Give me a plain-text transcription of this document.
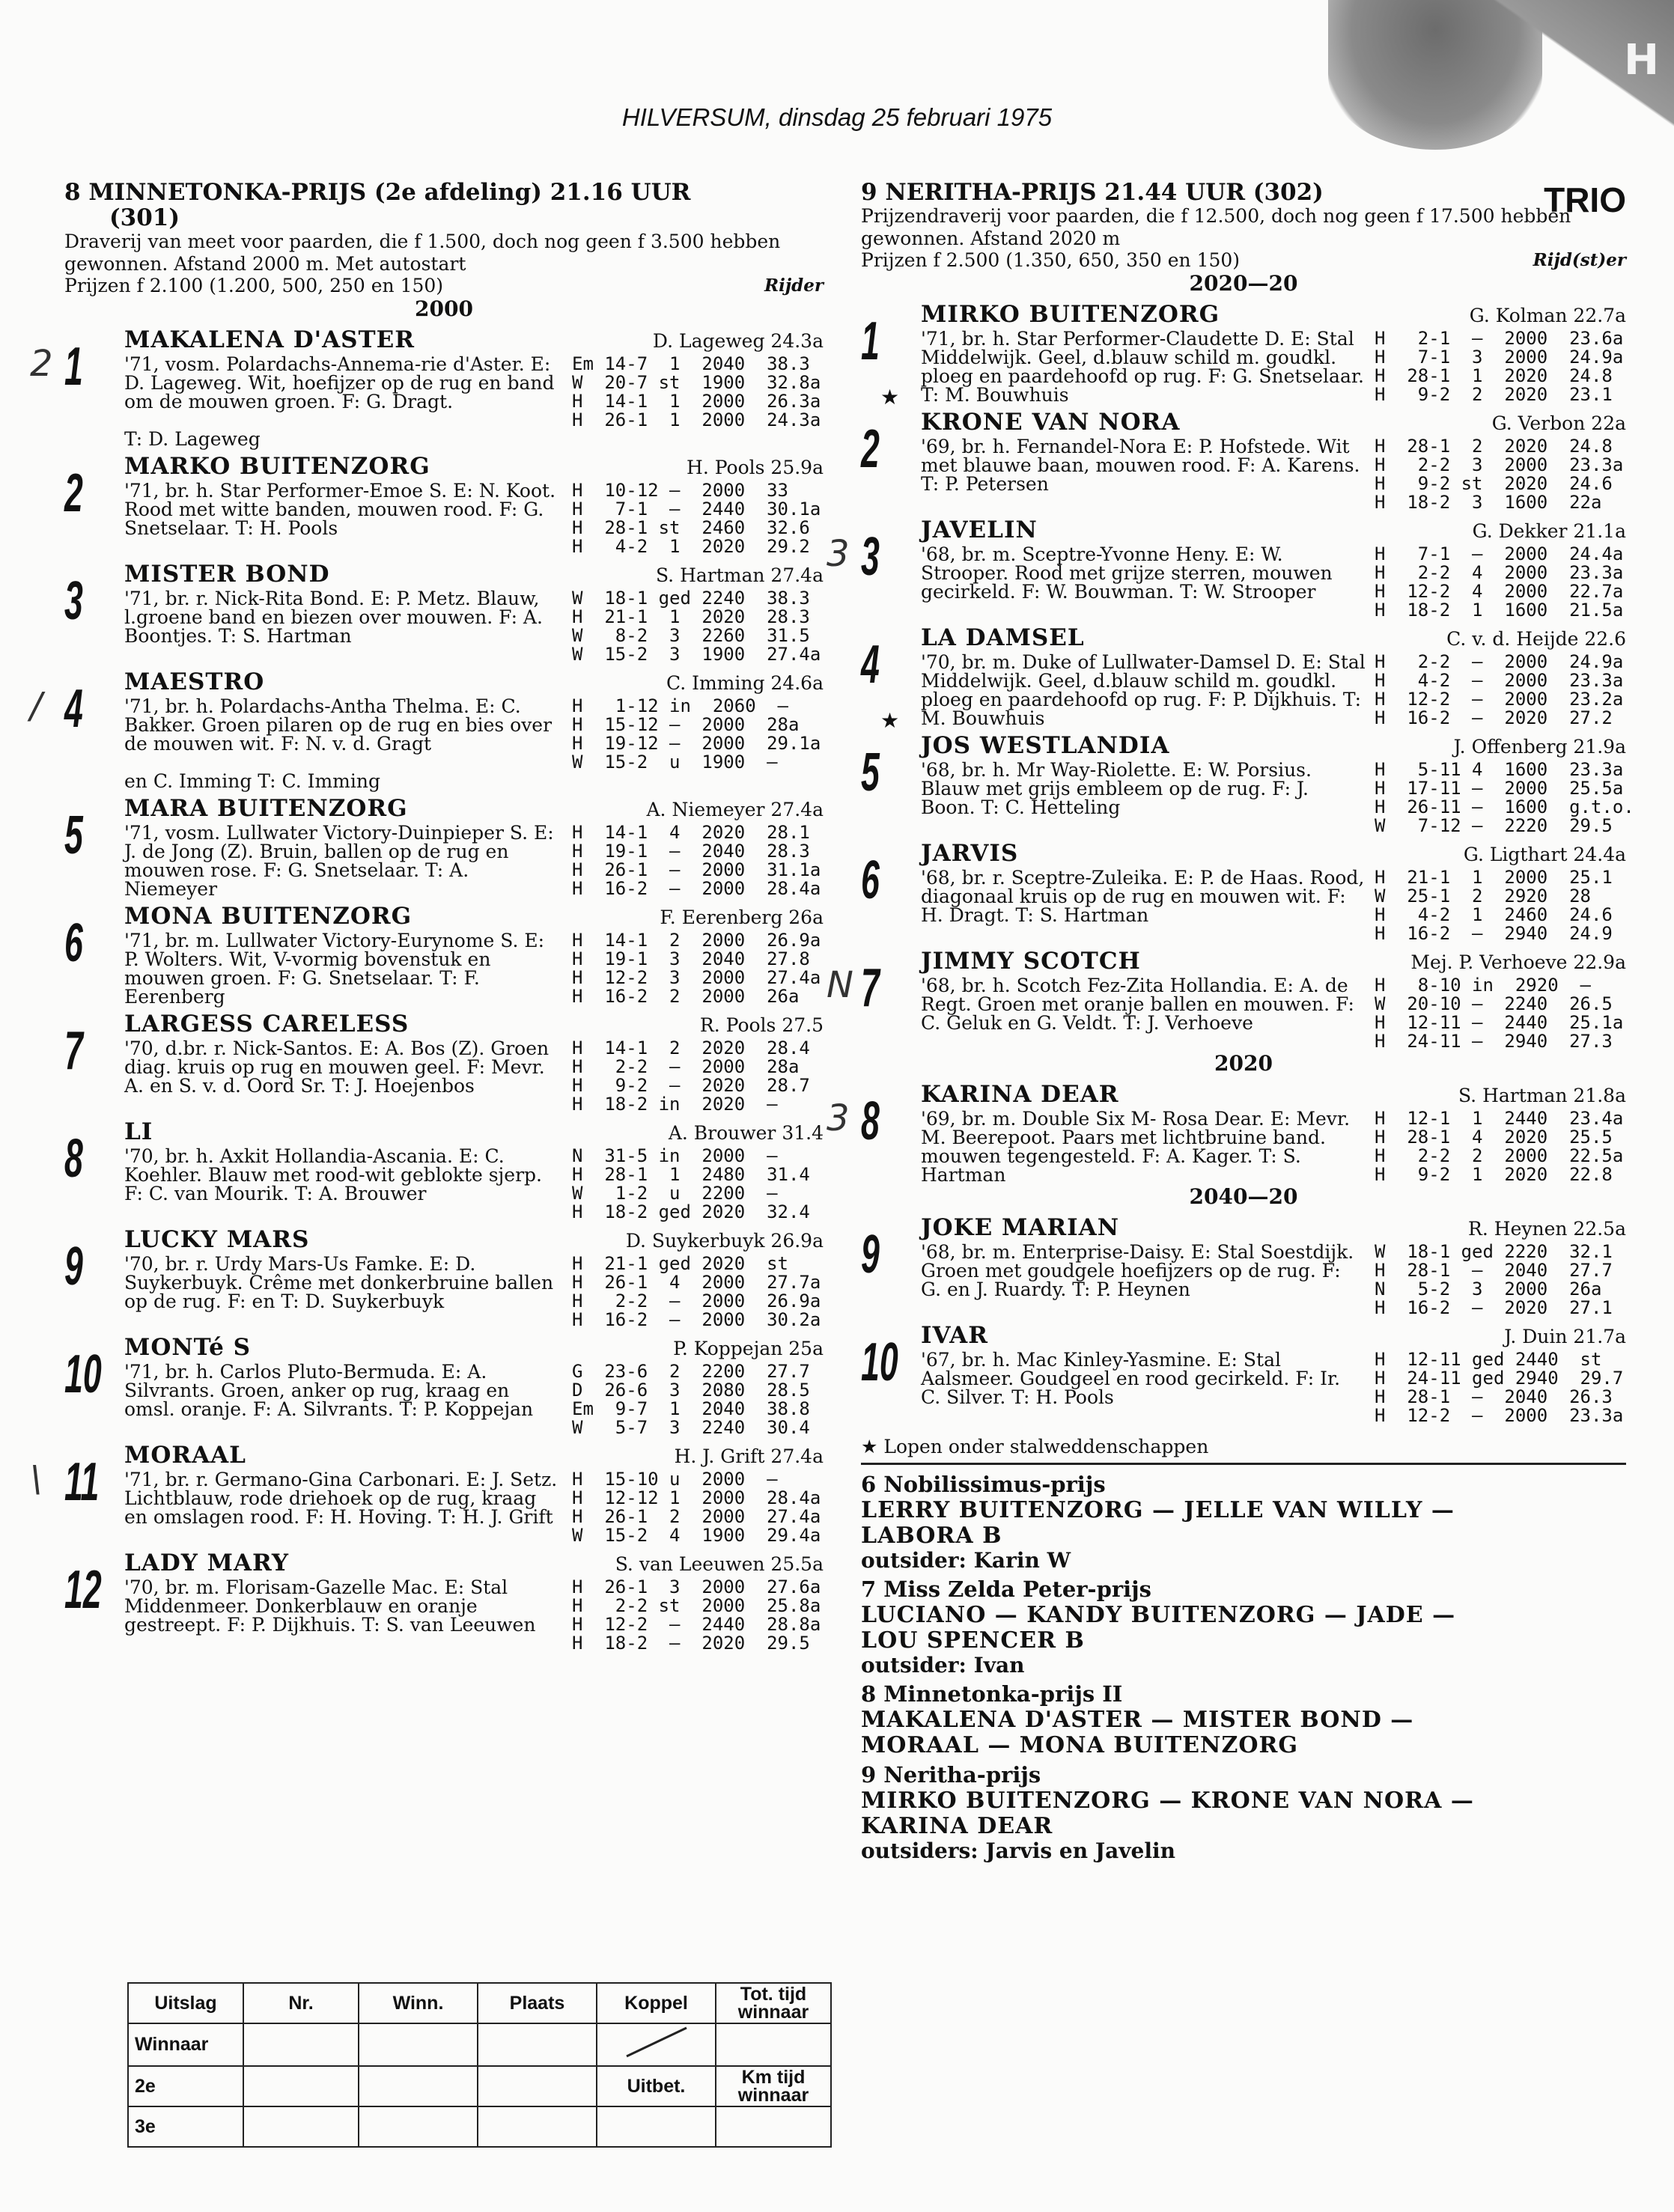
H
HILVERSUM, dinsdag 25 februari 1975
8 MINNETONKA-PRIJS (2e afdeling) 21.16 UUR
(301)
Draverij van meet voor paarden, die f 1.500, doch nog geen f 3.500 hebben gewonnen. Afstand 2000 m. Met autostart
Prijzen f 2.100 (1.200, 500, 250 en 150)	Rijder
2000
1
2
MAKALENA D'ASTER	D. Lageweg 24.3a
'71, vosm. Polardachs-Annema-rie d'Aster. E: D. Lageweg. Wit, hoefijzer op de rug en band om de mouwen groen. F: G. Dragt.
Em 14-7  1  2040  38.3
W  20-7 st  1900  32.8a
H  14-1  1  2000  26.3a
H  26-1  1  2000  24.3a
T: D. Lageweg
2	MARKO BUITENZORG	H. Pools 25.9a
'71, br. h. Star Performer-Emoe S. E: N. Koot. Rood met witte banden, mouwen rood. F: G. Snetselaar. T: H. Pools
H  10-12 —  2000  33
H   7-1  —  2440  30.1a
H  28-1 st  2460  32.6
H   4-2  1  2020  29.2
3	MISTER BOND	S. Hartman 27.4a
'71, br. r. Nick-Rita Bond. E: P. Metz. Blauw, l.groene band en biezen over mouwen. F: A. Boontjes. T: S. Hartman
W  18-1 ged 2240  38.3
H  21-1  1  2020  28.3
W   8-2  3  2260  31.5
W  15-2  3  1900  27.4a
4
/
MAESTRO	C. Imming 24.6a
'71, br. h. Polardachs-Antha Thelma. E: C. Bakker. Groen pilaren op de rug en bies over de mouwen wit. F: N. v. d. Gragt
H   1-12 in  2060  —
H  15-12 —  2000  28a
H  19-12 —  2000  29.1a
W  15-2  u  1900  —
en C. Imming T: C. Imming
5	MARA BUITENZORG	A. Niemeyer 27.4a
'71, vosm. Lullwater Victory-Duinpieper S. E: J. de Jong (Z). Bruin, ballen op de rug en mouwen rose. F: G. Snetselaar. T: A. Niemeyer
H  14-1  4  2020  28.1
H  19-1  —  2040  28.3
H  26-1  —  2000  31.1a
H  16-2  —  2000  28.4a
6	MONA BUITENZORG	F. Eerenberg 26a
'71, br. m. Lullwater Victory-Eurynome S. E: P. Wolters. Wit, V-vormig bovenstuk en mouwen groen. F: G. Snetselaar. T: F. Eerenberg
H  14-1  2  2000  26.9a
H  19-1  3  2040  27.8
H  12-2  3  2000  27.4a
H  16-2  2  2000  26a
7	LARGESS CARELESS	R. Pools 27.5
'70, d.br. r. Nick-Santos. E: A. Bos (Z). Groen diag. kruis op rug en mouwen geel. F: Mevr. A. en S. v. d. Oord Sr. T: J. Hoejenbos
H  14-1  2  2020  28.4
H   2-2  —  2000  28a
H   9-2  —  2020  28.7
H  18-2 in  2020  —
8	LI	A. Brouwer 31.4
'70, br. h. Axkit Hollandia-Ascania. E: C. Koehler. Blauw met rood-wit geblokte sjerp. F: C. van Mourik. T: A. Brouwer
N  31-5 in  2000  —
H  28-1  1  2480  31.4
W   1-2  u  2200  —
H  18-2 ged 2020  32.4
9	LUCKY MARS	D. Suykerbuyk 26.9a
'70, br. r. Urdy Mars-Us Famke. E: D. Suykerbuyk. Crême met donkerbruine ballen op de rug. F: en T: D. Suykerbuyk
H  21-1 ged 2020  st
H  26-1  4  2000  27.7a
H   2-2  —  2000  26.9a
H  16-2  —  2000  30.2a
10 MONTé S	P. Koppejan 25a
'71, br. h. Carlos Pluto-Bermuda. E: A. Silvrants. Groen, anker op rug, kraag en omsl. oranje. F: A. Silvrants. T: P. Koppejan
G  23-6  2  2200  27.7
D  26-6  3  2080  28.5
Em  9-7  1  2040  38.8
W   5-7  3  2240  30.4
11
\
MORAAL	H. J. Grift 27.4a
'71, br. r. Germano-Gina Carbonari. E: J. Setz. Lichtblauw, rode driehoek op de rug, kraag en omslagen rood. F: H. Hoving. T: H. J. Grift
H  15-10 u  2000  —
H  12-12 1  2000  28.4a
H  26-1  2  2000  27.4a
W  15-2  4  1900  29.4a
12 LADY MARY	S. van Leeuwen 25.5a
'70, br. m. Florisam-Gazelle Mac. E: Stal Middenmeer. Donkerblauw en oranje gestreept. F: P. Dijkhuis. T: S. van Leeuwen
H  26-1  3  2000  27.6a
H   2-2 st  2000  25.8a
H  12-2  —  2440  28.8a
H  18-2  —  2020  29.5
TRIO
9 NERITHA-PRIJS 21.44 UUR (302)
Prijzendraverij voor paarden, die f 12.500, doch nog geen f 17.500 hebben gewonnen. Afstand 2020 m
Prijzen f 2.500 (1.350, 650, 350 en 150)	Rijd(st)er
2020—20
1
★
MIRKO BUITENZORG	G. Kolman 22.7a
'71, br. h. Star Performer-Claudette D. E: Stal Middelwijk. Geel, d.blauw schild m. goudkl. ploeg en paardehoofd op rug. F: G. Snetselaar. T: M. Bouwhuis
H   2-1  —  2000  23.6a
H   7-1  3  2000  24.9a
H  28-1  1  2020  24.8
H   9-2  2  2020  23.1
2	KRONE VAN NORA	G. Verbon 22a
'69, br. h. Fernandel-Nora E: P. Hofstede. Wit met blauwe baan, mouwen rood. F: A. Karens. T: P. Petersen
H  28-1  2  2020  24.8
H   2-2  3  2000  23.3a
H   9-2 st  2020  24.6
H  18-2  3  1600  22a
3
3
JAVELIN	G. Dekker 21.1a
'68, br. m. Sceptre-Yvonne Heny. E: W. Strooper. Rood met grijze sterren, mouwen gecirkeld. F: W. Bouwman. T: W. Strooper
H   7-1  —  2000  24.4a
H   2-2  4  2000  23.3a
H  12-2  4  2000  22.7a
H  18-2  1  1600  21.5a
4
★
LA DAMSEL	C. v. d. Heijde 22.6
'70, br. m. Duke of Lullwater-Damsel D. E: Stal Middelwijk. Geel, d.blauw schild m. goudkl. ploeg en paardehoofd op rug. F: P. Dijkhuis. T: M. Bouwhuis
H   2-2  —  2000  24.9a
H   4-2  —  2000  23.3a
H  12-2  —  2000  23.2a
H  16-2  —  2020  27.2
5	JOS WESTLANDIA	J. Offenberg 21.9a
'68, br. h. Mr Way-Riolette. E: W. Porsius. Blauw met grijs embleem op de rug. F: J. Boon. T: C. Hetteling
H   5-11 4  1600  23.3a
H  17-11 —  2000  25.5a
H  26-11 —  1600  g.t.o.
W   7-12 —  2220  29.5
6	JARVIS	G. Ligthart 24.4a
'68, br. r. Sceptre-Zuleika. E: P. de Haas. Rood, diagonaal kruis op de rug en mouwen wit. F: H. Dragt. T: S. Hartman
H  21-1  1  2000  25.1
W  25-1  2  2920  28
H   4-2  1  2460  24.6
H  16-2  —  2940  24.9
7
N
JIMMY SCOTCH	Mej. P. Verhoeve 22.9a
'68, br. h. Scotch Fez-Zita Hollandia. E: A. de Regt. Groen met oranje ballen en mouwen. F: C. Geluk en G. Veldt. T: J. Verhoeve
H   8-10 in  2920  —
W  20-10 —  2240  26.5
H  12-11 —  2440  25.1a
H  24-11 —  2940  27.3
2020
8
3
KARINA DEAR	S. Hartman 21.8a
'69, br. m. Double Six M- Rosa Dear. E: Mevr. M. Beerepoot. Paars met lichtbruine band. mouwen tegengesteld. F: A. Kager. T: S. Hartman
H  12-1  1  2440  23.4a
H  28-1  4  2020  25.5
H   2-2  2  2000  22.5a
H   9-2  1  2020  22.8
2040—20
9	JOKE MARIAN	R. Heynen 22.5a
'68, br. m. Enterprise-Daisy. E: Stal Soestdijk. Groen met goudgele hoefijzers op de rug. F: G. en J. Ruardy. T: P. Heynen
W  18-1 ged 2220  32.1
H  28-1  —  2040  27.7
N   5-2  3  2000  26a
H  16-2  —  2020  27.1
10 IVAR	J. Duin 21.7a
'67, br. h. Mac Kinley-Yasmine. E: Stal Aalsmeer. Goudgeel en rood gecirkeld. F: Ir. C. Silver. T: H. Pools
H  12-11 ged 2440  st
H  24-11 ged 2940  29.7
H  28-1  —  2040  26.3
H  12-2  —  2000  23.3a
★ Lopen onder stalweddenschappen
6 Nobilissimus-prijs
LERRY BUITENZORG — JELLE VAN WILLY —
LABORA B
outsider: Karin W
7 Miss Zelda Peter-prijs
LUCIANO — KANDY BUITENZORG — JADE —
LOU SPENCER B
outsider: Ivan
8 Minnetonka-prijs II
MAKALENA D'ASTER — MISTER BOND —
MORAAL — MONA BUITENZORG
9 Neritha-prijs
MIRKO BUITENZORG — KRONE VAN NORA —
KARINA DEAR
outsiders: Jarvis en Javelin
Uitslag	Nr.	Winn.	Plaats	Koppel	Tot. tijd winnaar
Winnaar					
2e				Uitbet.	Km tijd winnaar
3e					
